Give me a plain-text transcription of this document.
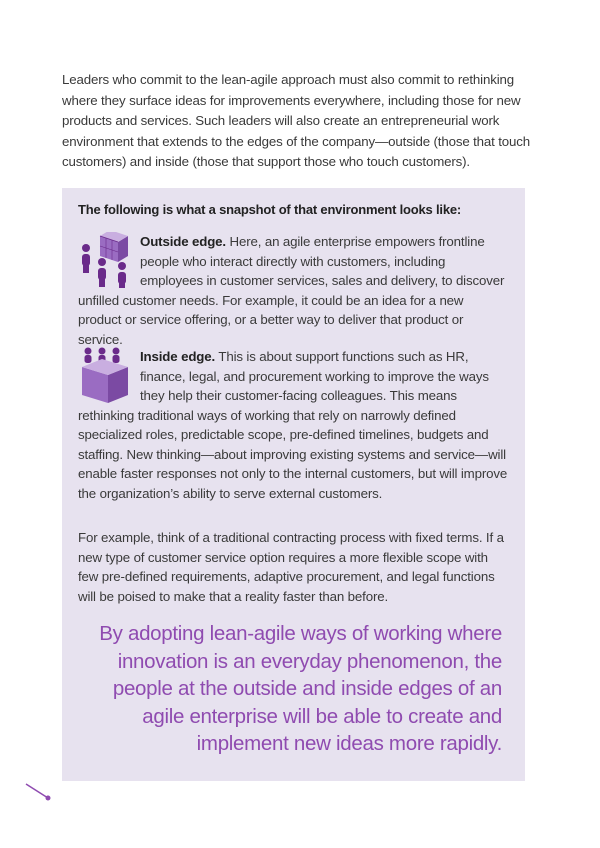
Leaders who commit to the lean-agile approach must also commit to rethinking where they surface ideas for improvements everywhere, including those for new products and services. Such leaders will also create an entrepreneurial work environment that extends to the edges of the company—outside (those that touch customers) and inside (those that support those who touch customers).

The following is what a snapshot of that environment looks like:

Outside edge. Here, an agile enterprise empowers frontline people who interact directly with customers, including employees in customer services, sales and delivery, to discover unfilled customer needs. For example, it could be an idea for a new product or service offering, or a better way to deliver that product or service.

Inside edge. This is about support functions such as HR, finance, legal, and procurement working to improve the ways they help their customer-facing colleagues. This means rethinking traditional ways of working that rely on narrowly defined specialized roles, predictable scope, pre-defined timelines, budgets and staffing. New thinking—about improving existing systems and service—will enable faster responses not only to the internal customers, but will improve the organization’s ability to serve external customers.

For example, think of a traditional contracting process with fixed terms. If a new type of customer service option requires a more flexible scope with few pre-defined requirements, adaptive procurement, and legal functions will be poised to make that a reality faster than before.

By adopting lean-agile ways of working where innovation is an everyday phenomenon, the people at the outside and inside edges of an agile enterprise will be able to create and implement new ideas more rapidly.
